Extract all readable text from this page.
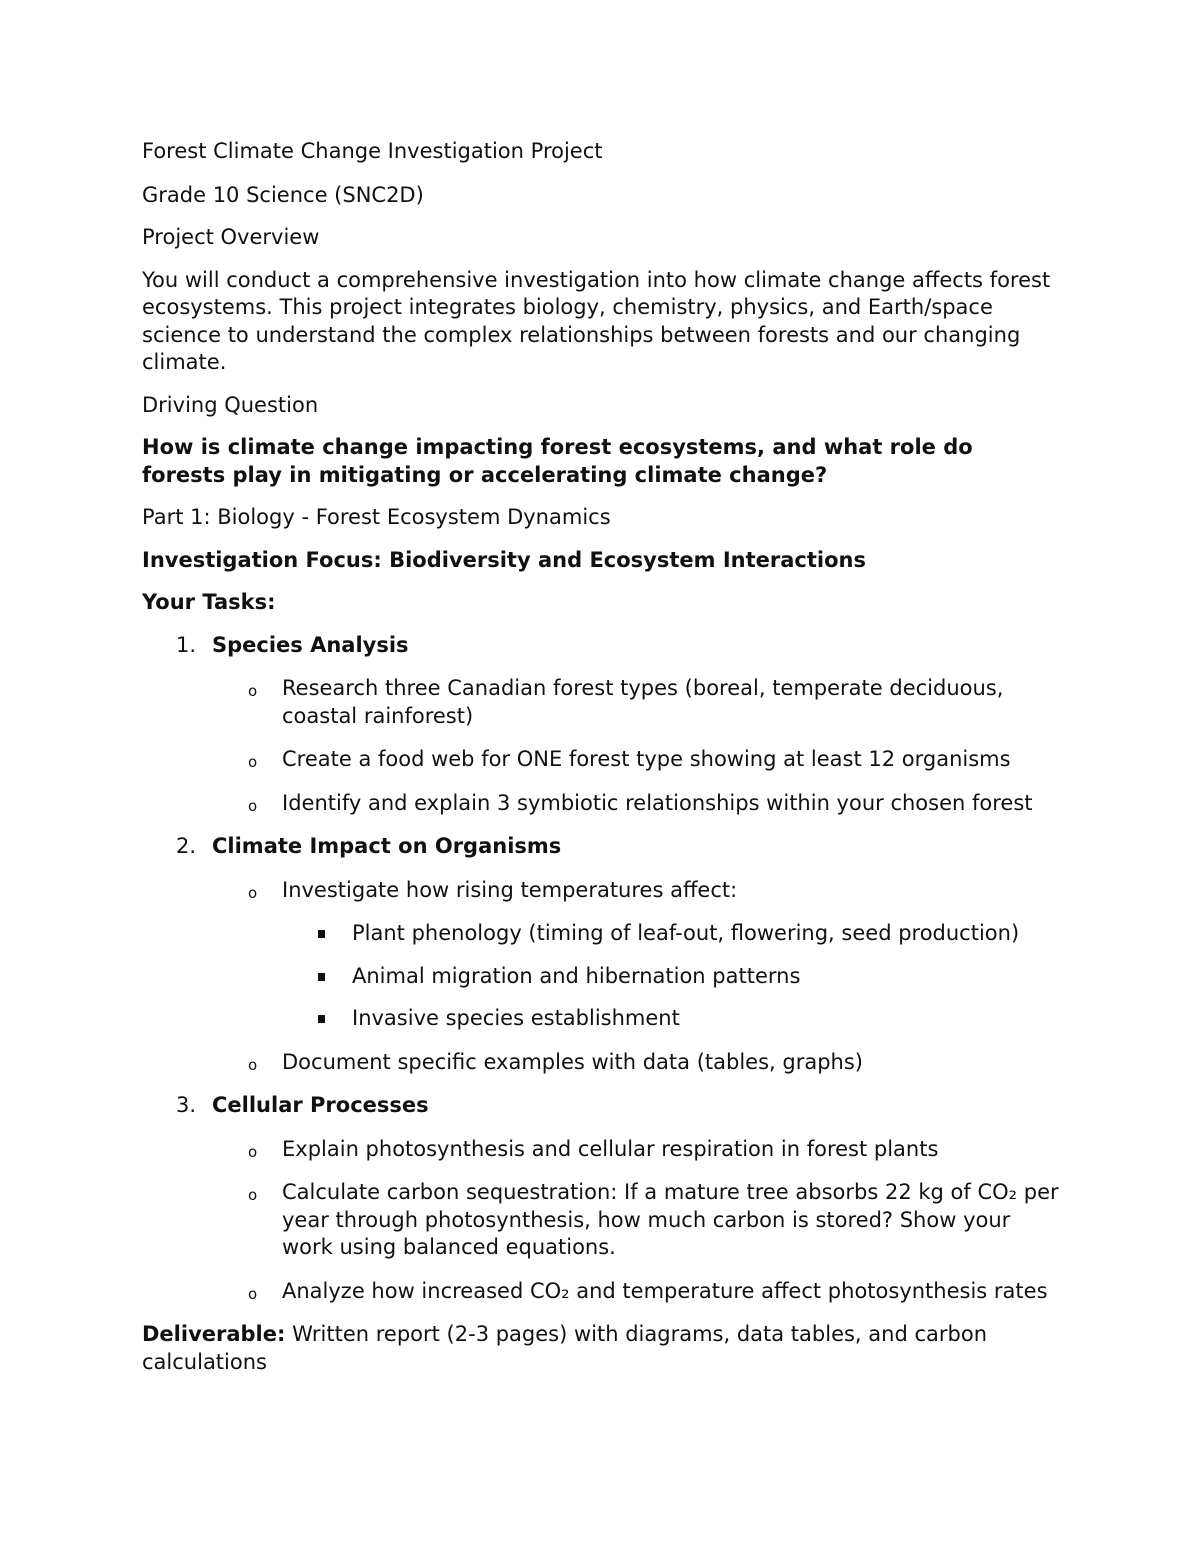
Forest Climate Change Investigation Project

Grade 10 Science (SNC2D)

Project Overview

You will conduct a comprehensive investigation into how climate change affects forest ecosystems. This project integrates biology, chemistry, physics, and Earth/space science to understand the complex relationships between forests and our changing climate.

Driving Question

How is climate change impacting forest ecosystems, and what role do forests play in mitigating or accelerating climate change?

Part 1: Biology - Forest Ecosystem Dynamics

Investigation Focus: Biodiversity and Ecosystem Interactions

Your Tasks:

1. Species Analysis
o Research three Canadian forest types (boreal, temperate deciduous, coastal rainforest)
o Create a food web for ONE forest type showing at least 12 organisms
o Identify and explain 3 symbiotic relationships within your chosen forest
2. Climate Impact on Organisms
o Investigate how rising temperatures affect:
Plant phenology (timing of leaf-out, flowering, seed production)
Animal migration and hibernation patterns
Invasive species establishment
o Document specific examples with data (tables, graphs)
3. Cellular Processes
o Explain photosynthesis and cellular respiration in forest plants
o Calculate carbon sequestration: If a mature tree absorbs 22 kg of CO₂ per year through photosynthesis, how much carbon is stored? Show your work using balanced equations.
o Analyze how increased CO₂ and temperature affect photosynthesis rates

Deliverable: Written report (2-3 pages) with diagrams, data tables, and carbon calculations
